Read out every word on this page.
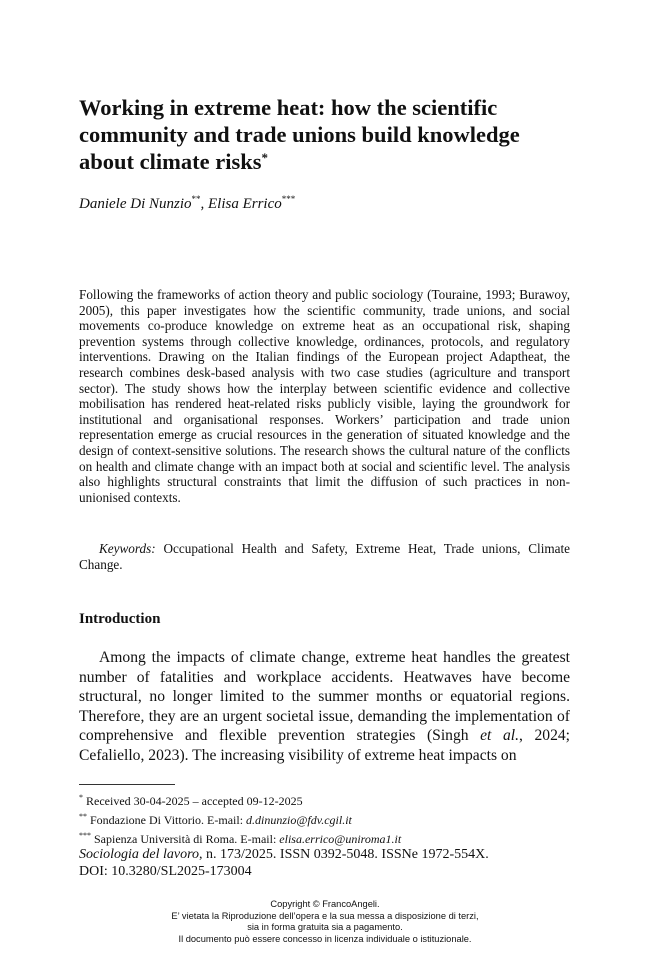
Working in extreme heat: how the scientific community and trade unions build knowledge about climate risks*
Daniele Di Nunzio**, Elisa Errico***

Following the frameworks of action theory and public sociology (Touraine, 1993; Burawoy, 2005), this paper investigates how the scientific community, trade unions, and social movements co-produce knowledge on extreme heat as an occupational risk, shaping prevention systems through collective knowledge, ordinances, protocols, and regulatory interventions. Drawing on the Italian findings of the European project Adaptheat, the research combines desk-based analysis with two case studies (agriculture and transport sector). The study shows how the interplay between scientific evidence and collective mobilisation has rendered heat-related risks publicly visible, laying the groundwork for institutional and organisational responses. Workers’ participation and trade union representation emerge as crucial resources in the generation of situated knowledge and the design of context-sensitive solutions. The research shows the cultural nature of the conflicts on health and climate change with an impact both at social and scientific level. The analysis also highlights structural constraints that limit the diffusion of such practices in non-unionised contexts.

Keywords: Occupational Health and Safety, Extreme Heat, Trade unions, Climate Change.

Introduction

Among the impacts of climate change, extreme heat handles the greatest number of fatalities and workplace accidents. Heatwaves have become structural, no longer limited to the summer months or equatorial regions. Therefore, they are an urgent societal issue, demanding the implementation of comprehensive and flexible prevention strategies (Singh et al., 2024; Cefaliello, 2023). The increasing visibility of extreme heat impacts on

* Received 30-04-2025 – accepted 09-12-2025
** Fondazione Di Vittorio. E-mail: d.dinunzio@fdv.cgil.it
*** Sapienza Università di Roma. E-mail: elisa.errico@uniroma1.it
Sociologia del lavoro, n. 173/2025. ISSN 0392-5048. ISSNe 1972-554X.
DOI: 10.3280/SL2025-173004
Copyright © FrancoAngeli.
E’ vietata la Riproduzione dell’opera e la sua messa a disposizione di terzi,
sia in forma gratuita sia a pagamento.
Il documento può essere concesso in licenza individuale o istituzionale.
